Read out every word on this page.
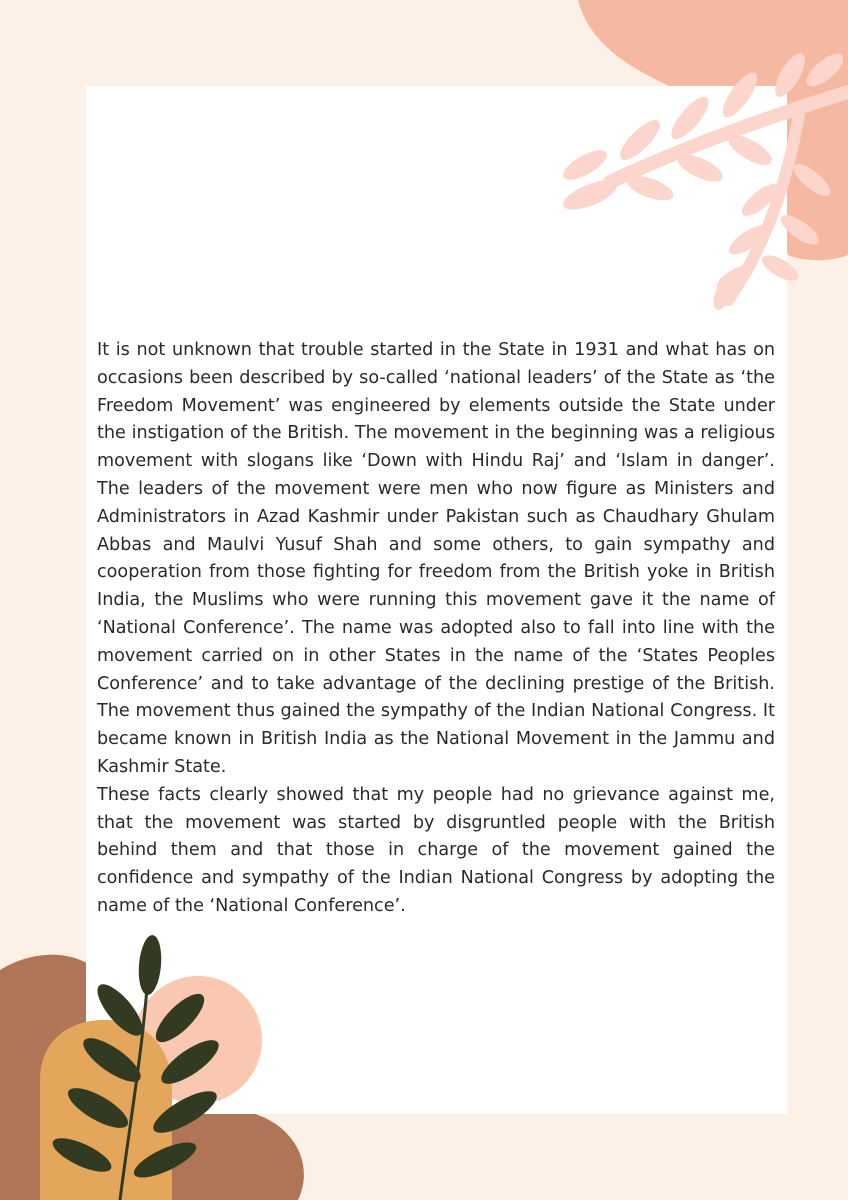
It is not unknown that trouble started in the State in 1931 and what has on occasions been described by so-called ‘national leaders’ of the State as ‘the Freedom Movement’ was engineered by elements outside the State under the instigation of the British. The movement in the beginning was a religious movement with slogans like ‘Down with Hindu Raj’ and ‘Islam in danger’. The leaders of the movement were men who now figure as Ministers and Administrators in Azad Kashmir under Pakistan such as Chaudhary Ghulam Abbas and Maulvi Yusuf Shah and some others, to gain sympathy and cooperation from those fighting for freedom from the British yoke in British India, the Muslims who were running this movement gave it the name of ‘National Conference’. The name was adopted also to fall into line with the movement carried on in other States in the name of the ‘States Peoples Conference’ and to take advantage of the declining prestige of the British. The movement thus gained the sympathy of the Indian National Congress. It became known in British India as the National Movement in the Jammu and Kashmir State.

These facts clearly showed that my people had no grievance against me, that the movement was started by disgruntled people with the British behind them and that those in charge of the movement gained the confidence and sympathy of the Indian National Congress by adopting the name of the ‘National Conference’.
